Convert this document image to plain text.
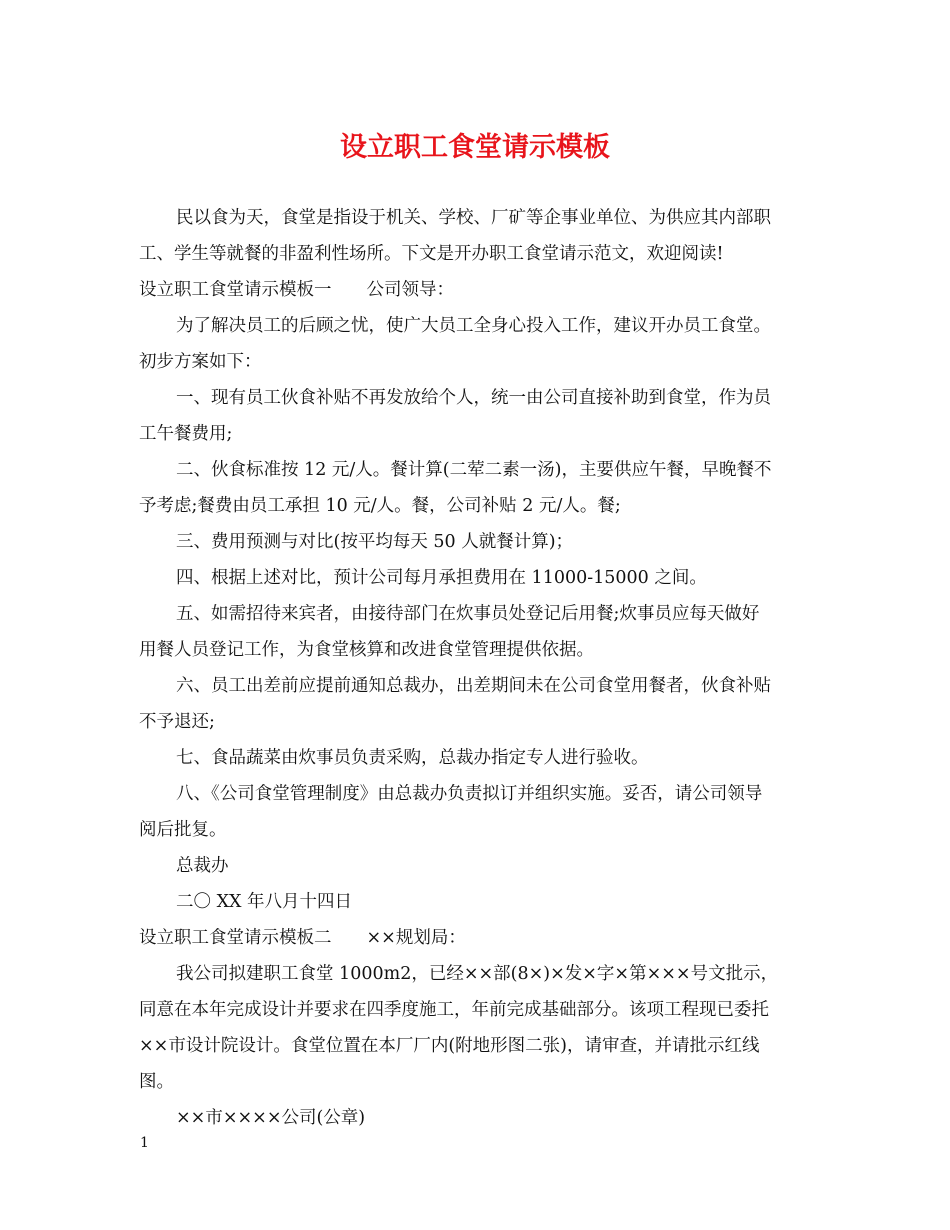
设立职工食堂请示模板

民以食为天，食堂是指设于机关、学校、厂矿等企事业单位、为供应其内部职

工、学生等就餐的非盈利性场所。下文是开办职工食堂请示范文，欢迎阅读!

设立职工食堂请示模板一　　公司领导：

为了解决员工的后顾之忧，使广大员工全身心投入工作，建议开办员工食堂。

初步方案如下：

一、现有员工伙食补贴不再发放给个人，统一由公司直接补助到食堂，作为员

工午餐费用;

二、伙食标准按 12 元/人。餐计算(二荤二素一汤)，主要供应午餐，早晚餐不

予考虑;餐费由员工承担 10 元/人。餐，公司补贴 2 元/人。餐;

三、费用预测与对比(按平均每天 50 人就餐计算)；

四、根据上述对比，预计公司每月承担费用在 11000-15000 之间。

五、如需招待来宾者，由接待部门在炊事员处登记后用餐;炊事员应每天做好

用餐人员登记工作，为食堂核算和改进食堂管理提供依据。

六、员工出差前应提前通知总裁办，出差期间未在公司食堂用餐者，伙食补贴

不予退还;

七、食品蔬菜由炊事员负责采购，总裁办指定专人进行验收。

八、《公司食堂管理制度》由总裁办负责拟订并组织实施。妥否，请公司领导

阅后批复。

总裁办

二〇 XX 年八月十四日

设立职工食堂请示模板二　　××规划局：

我公司拟建职工食堂 1000m2，已经××部(8×)×发×字×第×××号文批示，

同意在本年完成设计并要求在四季度施工，年前完成基础部分。该项工程现已委托

××市设计院设计。食堂位置在本厂厂内(附地形图二张)，请审查，并请批示红线

图。

××市××××公司(公章)

1
